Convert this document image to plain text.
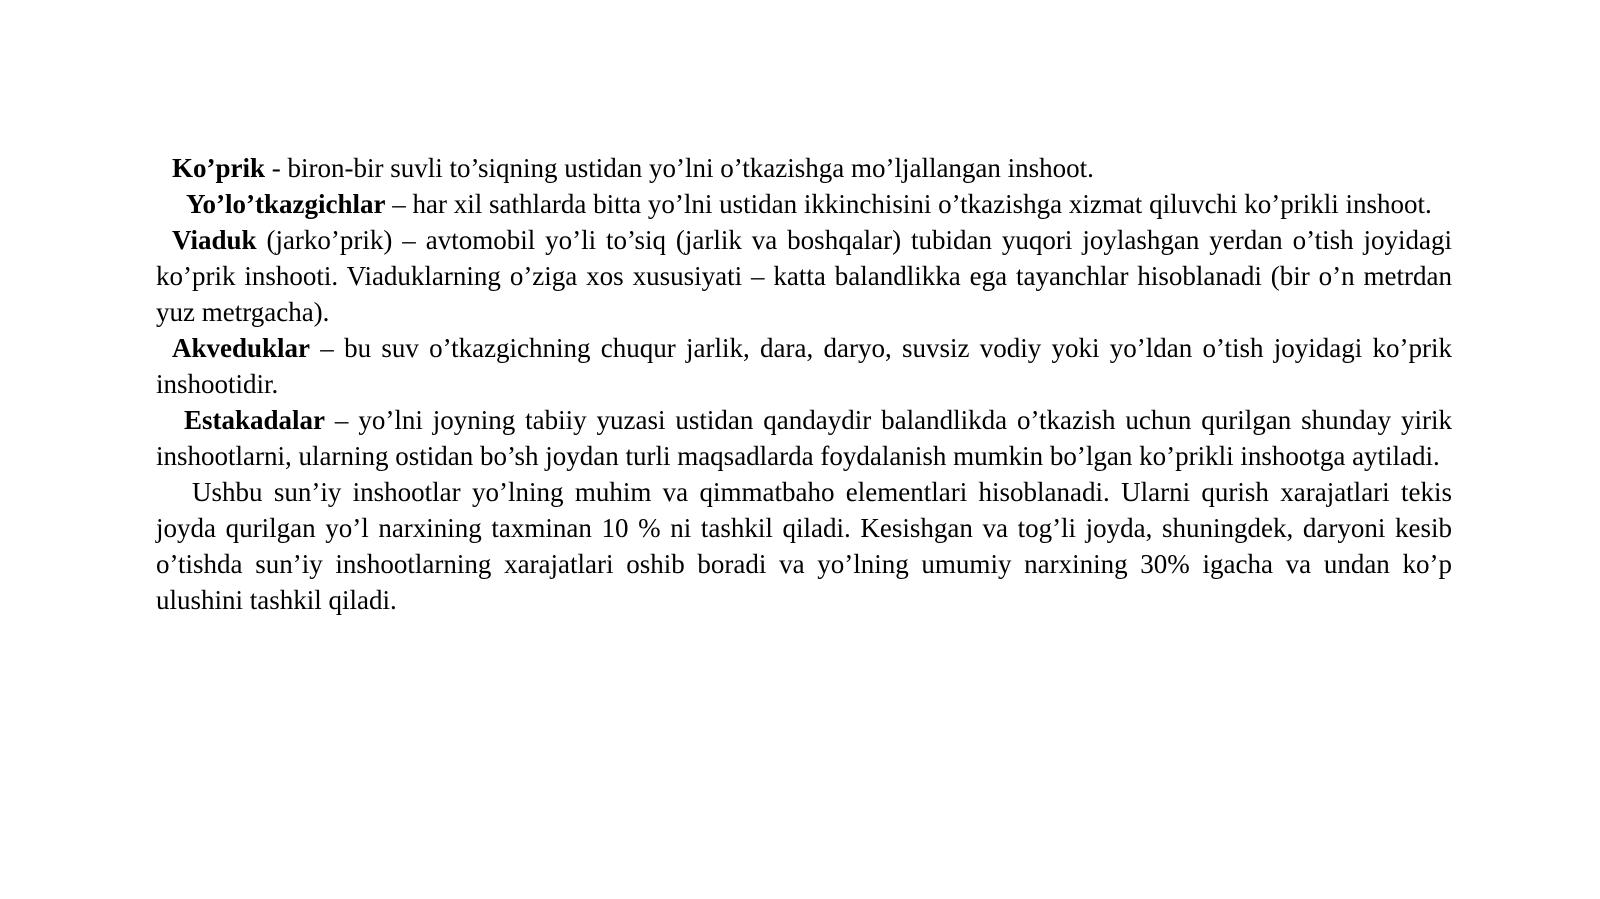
Ko’prik - biron-bir suvli to’siqning ustidan yo’lni o’tkazishga mo’ljallangan inshoot.

Yo’lo’tkazgichlar – har xil sathlarda bitta yo’lni ustidan ikkinchisini o’tkazishga xizmat qiluvchi ko’prikli inshoot.

Viaduk (jarko’prik) – avtomobil yo’li to’siq (jarlik va boshqalar) tubidan yuqori joylashgan yerdan o’tish joyidagi ko’prik inshooti. Viaduklarning o’ziga xos xususiyati – katta balandlikka ega tayanchlar hisoblanadi (bir o’n metrdan yuz metrgacha).

Akveduklar – bu suv o’tkazgichning chuqur jarlik, dara, daryo, suvsiz vodiy yoki yo’ldan o’tish joyidagi ko’prik inshootidir.

Estakadalar – yo’lni joyning tabiiy yuzasi ustidan qandaydir balandlikda o’tkazish uchun qurilgan shunday yirik inshootlarni, ularning ostidan bo’sh joydan turli maqsadlarda foydalanish mumkin bo’lgan ko’prikli inshootga aytiladi.

Ushbu sun’iy inshootlar yo’lning muhim va qimmatbaho elementlari hisoblanadi. Ularni qurish xarajatlari tekis joyda qurilgan yo’l narxining taxminan 10 % ni tashkil qiladi. Kesishgan va tog’li joyda, shuningdek, daryoni kesib o’tishda sun’iy inshootlarning xarajatlari oshib boradi va yo’lning umumiy narxining 30% igacha va undan ko’p ulushini tashkil qiladi.
